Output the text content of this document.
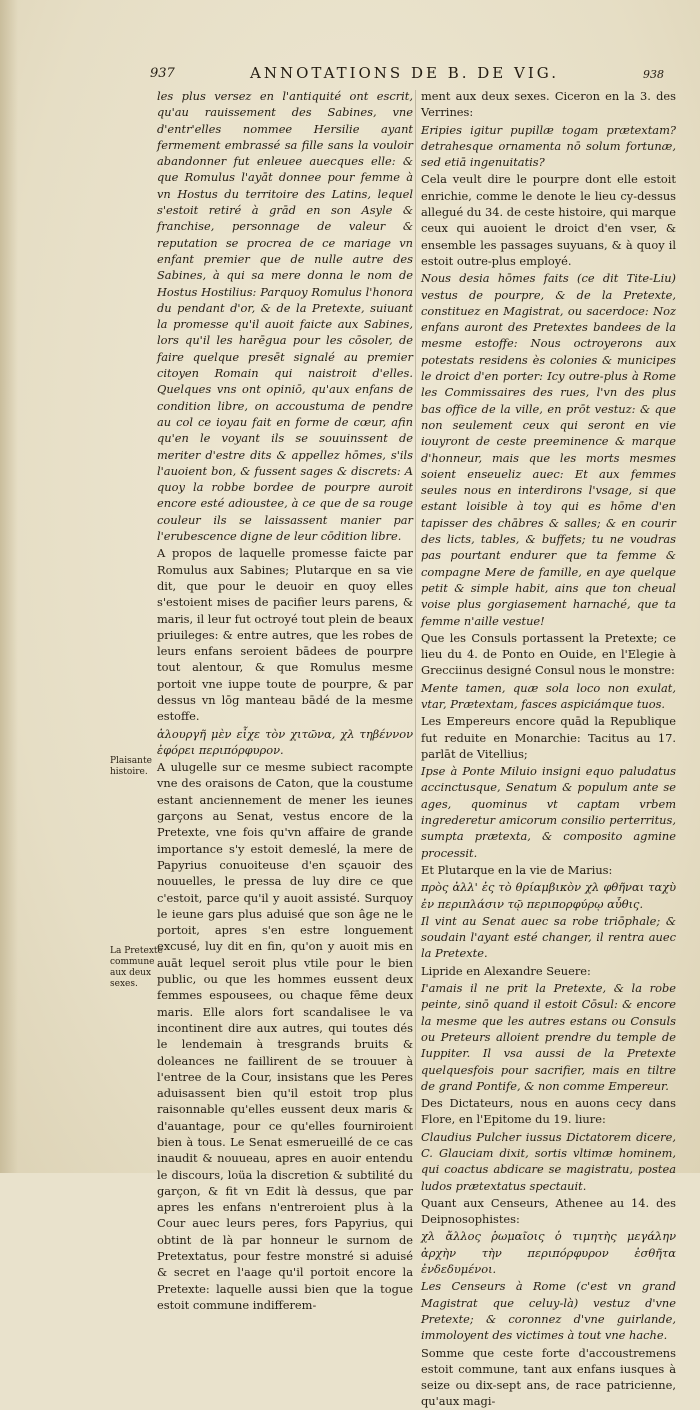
937	ANNOTATIONS DE B. DE VIG.	938
Plaisante histoire.
La Pretexte commune aux deux sexes.

les plus versez en l'antiquité ont escrit, qu'au rauissement des Sabines, vne d'entr'elles nommee Hersilie ayant fermement embrassé sa fille sans la vouloir abandonner fut enleuee auecques elle: & que Romulus l'ayāt donnee pour femme à vn Hostus du territoire des Latins, lequel s'estoit retiré à grād en son Asyle & franchise, personnage de valeur & reputation se procrea de ce mariage vn enfant premier que de nulle autre des Sabines, à qui sa mere donna le nom de Hostus Hostilius: Parquoy Romulus l'honora du pendant d'or, & de la Pretexte, suiuant la promesse qu'il auoit faicte aux Sabines, lors qu'il les harēgua pour les cōsoler, de faire quelque presēt signalé au premier citoyen Romain qui naistroit d'elles. Quelques vns ont opiniō, qu'aux enfans de condition libre, on accoustuma de pendre au col ce ioyau fait en forme de cœur, afin qu'en le voyant ils se souuinssent de meriter d'estre dits & appellez hōmes, s'ils l'auoient bon, & fussent sages & discrets: A quoy la robbe bordee de pourpre auroit encore esté adioustee, à ce que de sa rouge couleur ils se laissassent manier par l'erubescence digne de leur cōdition libre.

A propos de laquelle promesse faicte par Romulus aux Sabines; Plutarque en sa vie dit, que pour le deuoir en quoy elles s'estoient mises de pacifier leurs parens, & maris, il leur fut octroyé tout plein de beaux priuileges: & entre autres, que les robes de leurs enfans seroient bādees de pourpre tout alentour, & que Romulus mesme portoit vne iuppe toute de pourpre, & par dessus vn lōg manteau bādé de la mesme estoffe.

ἁλουργῆ μὲν εἶχε τὸν χιτῶνα, χλ τηβέννον ἐφόρει περιπόρφυρον.

A ulugelle sur ce mesme subiect racompte vne des oraisons de Caton, que la coustume estant anciennement de mener les ieunes garçons au Senat, vestus encore de la Pretexte, vne fois qu'vn affaire de grande importance s'y estoit demeslé, la mere de Papyrius conuoiteuse d'en sçauoir des nouuelles, le pressa de luy dire ce que c'estoit, parce qu'il y auoit assisté. Surquoy le ieune gars plus aduisé que son âge ne le portoit, apres s'en estre longuement excusé, luy dit en fin, qu'on y auoit mis en auāt lequel seroit plus vtile pour le bien public, ou que les hommes eussent deux femmes espousees, ou chaque fēme deux maris. Elle alors fort scandalisee le va incontinent dire aux autres, qui toutes dés le lendemain à tresgrands bruits & doleances ne faillirent de se trouuer à l'entree de la Cour, insistans que les Peres aduisassent bien qu'il estoit trop plus raisonnable qu'elles eussent deux maris & d'auantage, pour ce qu'elles fourniroient bien à tous. Le Senat esmerueillé de ce cas inaudit & nouueau, apres en auoir entendu le discours, loüa la discretion & subtilité du garçon, & fit vn Edit là dessus, que par apres les enfans n'entreroient plus à la Cour auec leurs peres, fors Papyrius, qui obtint de là par honneur le surnom de Pretextatus, pour festre monstré si aduisé & secret en l'aage qu'il portoit encore la Pretexte: laquelle aussi bien que la togue estoit commune indifferem-

ment aux deux sexes. Ciceron en la 3. des Verrines:

Eripies igitur pupillæ togam prætextam? detrahesque ornamenta nō solum fortunæ, sed etiā ingenuitatis?

Cela veult dire le pourpre dont elle estoit enrichie, comme le denote le lieu cy-dessus allegué du 34. de ceste histoire, qui marque ceux qui auoient le droict d'en vser, & ensemble les passages suyuans, & à quoy il estoit outre-plus employé.

Nous desia hōmes faits (ce dit Tite-Liu) vestus de pourpre, & de la Pretexte, constituez en Magistrat, ou sacerdoce: Noz enfans auront des Pretextes bandees de la mesme estoffe: Nous octroyerons aux potestats residens ès colonies & municipes le droict d'en porter: Icy outre-plus à Rome les Commissaires des rues, l'vn des plus bas office de la ville, en prōt vestuz: & que non seulement ceux qui seront en vie iouyront de ceste preeminence & marque d'honneur, mais que les morts mesmes soient enseueliz auec: Et aux femmes seules nous en interdirons l'vsage, si que estant loisible à toy qui es hōme d'en tapisser des chābres & salles; & en courir des licts, tables, & buffets; tu ne voudras pas pourtant endurer que ta femme & compagne Mere de famille, en aye quelque petit & simple habit, ains que ton cheual voise plus gorgiasement harnaché, que ta femme n'aille vestue!

Que les Consuls portassent la Pretexte; ce lieu du 4. de Ponto en Ouide, en l'Elegie à Grecciinus designé Consul nous le monstre:

Mente tamen, quæ sola loco non exulat, vtar, Prætextam, fasces aspiciámque tuos.

Les Empereurs encore quād la Republique fut reduite en Monarchie: Tacitus au 17. parlāt de Vitellius;

Ipse à Ponte Miluio insigni equo paludatus accinctusque, Senatum & populum ante se ages, quominus vt captam vrbem ingrederetur amicorum consilio perterritus, sumpta prætexta, & composito agmine processit.

Et Plutarque en la vie de Marius:

πρὸς ἀλλ' ἐς τὸ θρίαμβικὸν χλ φθῆναι ταχὺ ἐν περιπλάσιν τῷ περιπορφύρῳ αὖθις.

Il vint au Senat auec sa robe triōphale; & soudain l'ayant esté changer, il rentra auec la Pretexte.

Lipride en Alexandre Seuere:

I'amais il ne prit la Pretexte, & la robe peinte, sinō quand il estoit Cōsul: & encore la mesme que les autres estans ou Consuls ou Preteurs alloient prendre du temple de Iuppiter. Il vsa aussi de la Pretexte quelquesfois pour sacrifier, mais en tiltre de grand Pontife, & non comme Empereur.

Des Dictateurs, nous en auons cecy dans Flore, en l'Epitome du 19. liure:

Claudius Pulcher iussus Dictatorem dicere, C. Glauciam dixit, sortis vltimæ hominem, qui coactus abdicare se magistratu, postea ludos prætextatus spectauit.

Quant aux Censeurs, Athenee au 14. des Deipnosophistes:

χλ ἄλλος ῥωμαῖοις ὁ τιμητὴς μεγάλην ἀρχὴν τὴν περιπόρφυρον ἐσθῆτα ἐνδεδυμένοι.

Les Censeurs à Rome (c'est vn grand Magistrat que celuy-là) vestuz d'vne Pretexte; & coronnez d'vne guirlande, immoloyent des victimes à tout vne hache.

Somme que ceste forte d'accoustremens estoit commune, tant aux enfans iusques à seize ou dix-sept ans, de race patricienne, qu'aux magi-
